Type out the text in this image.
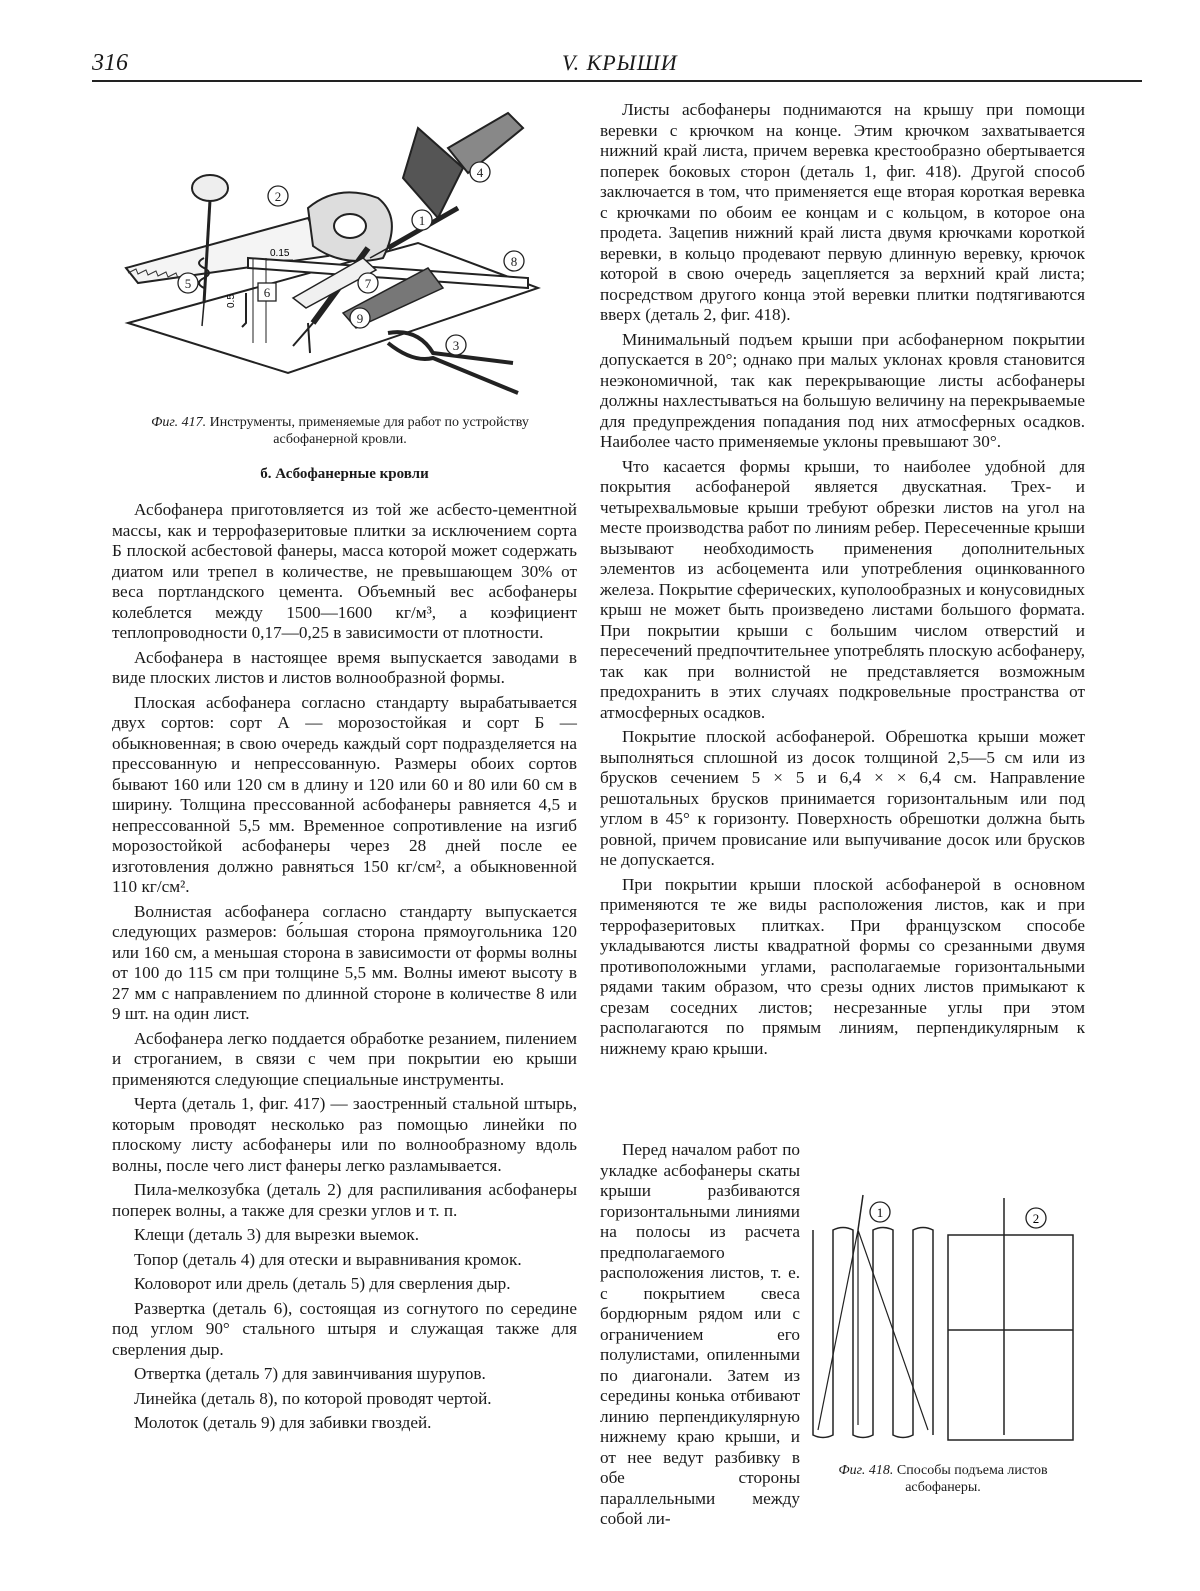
316	V. КРЫШИ
0.15
0.5
1
2
3
4
5
6
7
8
9
Фиг. 417. Инструменты, применяемые для работ по устройству асбофанерной кровли.
б. Асбофанерные кровли

Асбофанера приготовляется из той же асбесто-цементной массы, как и террофазеритовые плитки за исключением сорта Б плоской асбестовой фанеры, масса которой может содержать диатом или трепел в количестве, не превышающем 30% от веса портландского цемента. Объемный вес асбофанеры колеблется между 1500—1600 кг/м³, а коэфициент теплопроводности 0,17—0,25 в зависимости от плотности.

Асбофанера в настоящее время выпускается заводами в виде плоских листов и листов волнообразной формы.

Плоская асбофанера согласно стандарту вырабатывается двух сортов: сорт А — морозостойкая и сорт Б — обыкновенная; в свою очередь каждый сорт подразделяется на прессованную и непрессованную. Размеры обоих сортов бывают 160 или 120 см в длину и 120 или 60 и 80 или 60 см в ширину. Толщина прессованной асбофанеры равняется 4,5 и непрессованной 5,5 мм. Временное сопротивление на изгиб морозостойкой асбофанеры через 28 дней после ее изготовления должно равняться 150 кг/см², а обыкновенной 110 кг/см².

Волнистая асбофанера согласно стандарту выпускается следующих размеров: бо́льшая сторона прямоугольника 120 или 160 см, а меньшая сторона в зависимости от формы волны от 100 до 115 см при толщине 5,5 мм. Волны имеют высоту в 27 мм с направлением по длинной стороне в количестве 8 или 9 шт. на один лист.

Асбофанера легко поддается обработке резанием, пилением и строганием, в связи с чем при покрытии ею крыши применяются следующие специальные инструменты.

Черта (деталь 1, фиг. 417) — заостренный стальной штырь, которым проводят несколько раз помощью линейки по плоскому листу асбофанеры или по волнообразному вдоль волны, после чего лист фанеры легко разламывается.

Пила-мелкозубка (деталь 2) для распиливания асбофанеры поперек волны, а также для срезки углов и т. п.

Клещи (деталь 3) для вырезки выемок.

Топор (деталь 4) для отески и выравнивания кромок.

Коловорот или дрель (деталь 5) для сверления дыр.

Развертка (деталь 6), состоящая из согнутого по середине под углом 90° стального штыря и служащая также для сверления дыр.

Отвертка (деталь 7) для завинчивания шурупов.

Линейка (деталь 8), по которой проводят чертой.

Молоток (деталь 9) для забивки гвоздей.

Листы асбофанеры поднимаются на крышу при помощи веревки с крючком на конце. Этим крючком захватывается нижний край листа, причем веревка крестообразно обертывается поперек боковых сторон (деталь 1, фиг. 418). Другой способ заключается в том, что применяется еще вторая короткая веревка с крючками по обоим ее концам и с кольцом, в которое она продета. Зацепив нижний край листа двумя крючками короткой веревки, в кольцо продевают первую длинную веревку, крючок которой в свою очередь зацепляется за верхний край листа; посредством другого конца этой веревки плитки подтягиваются вверх (деталь 2, фиг. 418).

Минимальный подъем крыши при асбофанерном покрытии допускается в 20°; однако при малых уклонах кровля становится неэкономичной, так как перекрывающие листы асбофанеры должны нахлестываться на большую величину на перекрываемые для предупреждения попадания под них атмосферных осадков. Наиболее часто применяемые уклоны превышают 30°.

Что касается формы крыши, то наиболее удобной для покрытия асбофанерой является двускатная. Трех- и четырехвальмовые крыши требуют обрезки листов на угол на месте производства работ по линиям ребер. Пересеченные крыши вызывают необходимость применения дополнительных элементов из асбоцемента или употребления оцинкованного железа. Покрытие сферических, куполообразных и конусовидных крыш не может быть произведено листами большого формата. При покрытии крыши с большим числом отверстий и пересечений предпочтительнее употреблять плоскую асбофанеру, так как при волнистой не представляется возможным предохранить в этих случаях подкровельные пространства от атмосферных осадков.

Покрытие плоской асбофанерой. Обрешотка крыши может выполняться сплошной из досок толщиной 2,5—5 см или из брусков сечением 5 × 5 и 6,4 × × 6,4 см. Направление решотальных брусков принимается горизонтальным или под углом в 45° к горизонту. Поверхность обрешотки должна быть ровной, причем провисание или выпучивание досок или брусков не допускается.

При покрытии крыши плоской асбофанерой в основном применяются те же виды расположения листов, как и при террофазеритовых плитках. При французском способе укладываются листы квадратной формы со срезанными двумя противоположными углами, располагаемые горизонтальными рядами таким образом, что срезы одних листов примыкают к срезам соседних листов; несрезанные углы при этом располагаются по прямым линиям, перпендикулярным к нижнему краю крыши.

Перед началом работ по укладке асбофанеры скаты крыши разбиваются горизонтальными линиями на полосы из расчета предполагаемого расположения листов, т. е. с покрытием свеса бордюрным рядом или с ограничением его полулистами, опиленными по диагонали. Затем из середины конька отбивают линию перпендикулярную нижнему краю крыши, и от нее ведут разбивку в обе стороны параллельными между собой ли-

1	2
Фиг. 418. Способы подъема листов асбофанеры.
